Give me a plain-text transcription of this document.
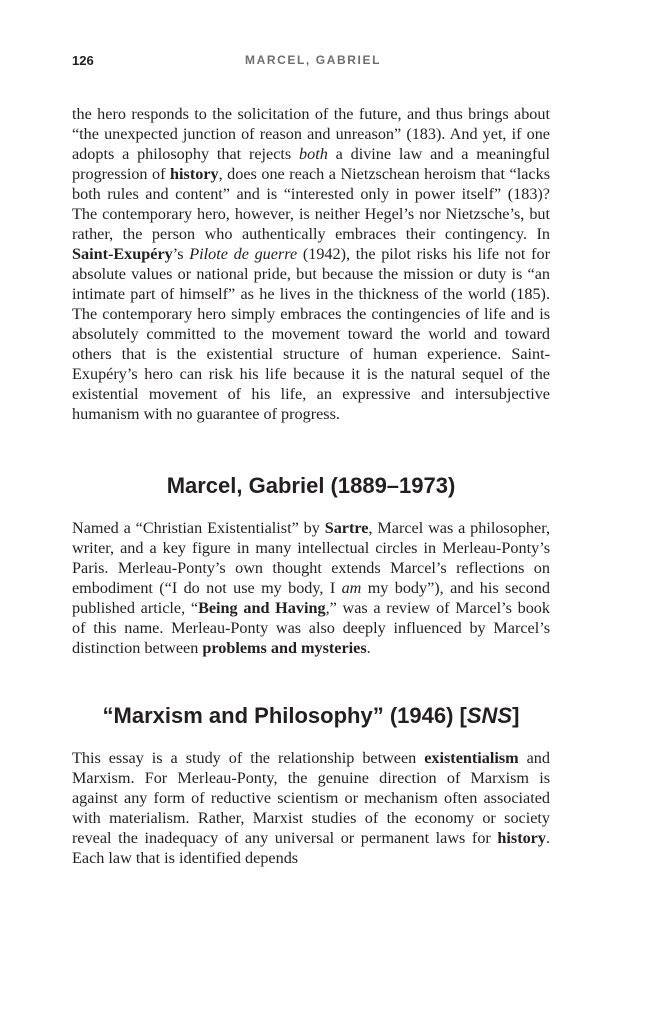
126	MARCEL, GABRIEL

the hero responds to the solicitation of the future, and thus brings about “the unexpected junction of reason and unreason” (183). And yet, if one adopts a philosophy that rejects both a divine law and a meaningful progression of history, does one reach a Nietzschean heroism that “lacks both rules and content” and is “interested only in power itself” (183)? The contemporary hero, however, is neither Hegel’s nor Nietzsche’s, but rather, the person who authentically embraces their contingency. In Saint-Exupéry’s Pilote de guerre (1942), the pilot risks his life not for absolute values or national pride, but because the mission or duty is “an intimate part of himself” as he lives in the thickness of the world (185). The contemporary hero simply embraces the contingencies of life and is absolutely committed to the movement toward the world and toward others that is the existential structure of human experience. Saint-Exupéry’s hero can risk his life because it is the natural sequel of the existential movement of his life, an expressive and intersubjective humanism with no guarantee of progress.

Marcel, Gabriel (1889–1973)

Named a “Christian Existentialist” by Sartre, Marcel was a philosopher, writer, and a key figure in many intellectual circles in Merleau-Ponty’s Paris. Merleau-Ponty’s own thought extends Marcel’s reflections on embodiment (“I do not use my body, I am my body”), and his second published article, “Being and Having,” was a review of Marcel’s book of this name. Merleau-Ponty was also deeply influenced by Marcel’s distinction between problems and mysteries.

“Marxism and Philosophy” (1946) [SNS]

This essay is a study of the relationship between existentialism and Marxism. For Merleau-Ponty, the genuine direction of Marxism is against any form of reductive scientism or mechanism often associated with materialism. Rather, Marxist studies of the economy or society reveal the inadequacy of any universal or permanent laws for history. Each law that is identified depends
